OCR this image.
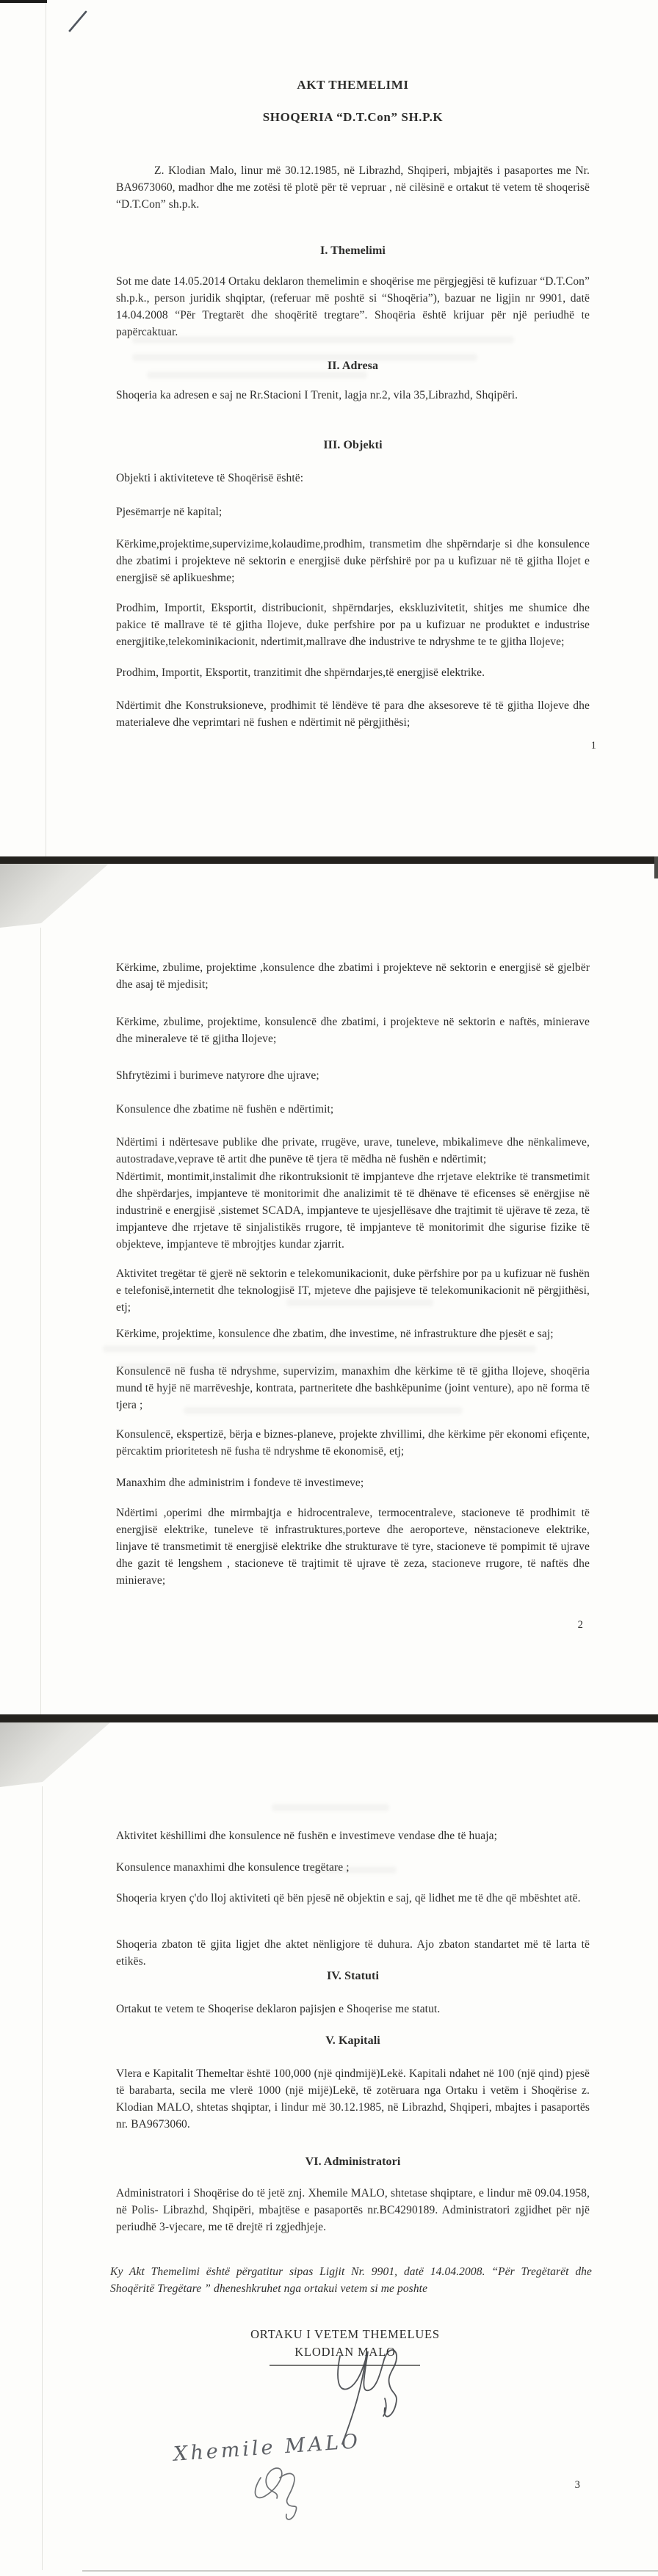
AKT THEMELIMI
SHOQERIA “D.T.Con” SH.P.K
Z. Klodian Malo, linur më 30.12.1985, në Librazhd, Shqiperi, mbjajtës i pasaportes me Nr. BA9673060, madhor dhe me zotësi të plotë për të vepruar , në cilësinë e ortakut të vetem të shoqerisë “D.T.Con” sh.p.k.
I. Themelimi
Sot me date 14.05.2014 Ortaku deklaron themelimin e shoqërise me përgjegjësi të kufizuar “D.T.Con” sh.p.k., person juridik shqiptar, (referuar më poshtë si “Shoqëria”), bazuar ne ligjin nr 9901, datë 14.04.2008 “Për Tregtarët dhe shoqëritë tregtare”. Shoqëria është krijuar për një periudhë te papërcaktuar.
II. Adresa
Shoqeria ka adresen e saj ne Rr.Stacioni I Trenit, lagja nr.2, vila 35,Librazhd, Shqipëri.
III. Objekti
Objekti i aktiviteteve të Shoqërisë është:
Pjesëmarrje në kapital;
Kërkime,projektime,supervizime,kolaudime,prodhim, transmetim dhe shpërndarje si dhe konsulence dhe zbatimi i projekteve në sektorin e energjisë duke përfshirë por pa u kufizuar në të gjitha llojet e energjisë së aplikueshme;
Prodhim, Importit, Eksportit, distribucionit, shpërndarjes, ekskluzivitetit, shitjes me shumice dhe pakice të mallrave të të gjitha llojeve, duke perfshire por pa u kufizuar ne produktet e industrise energjitike,telekominikacionit, ndertimit,mallrave dhe industrive te ndryshme te te gjitha llojeve;
Prodhim, Importit, Eksportit, tranzitimit dhe shpërndarjes,të energjisë elektrike.
Ndërtimit dhe Konstruksioneve, prodhimit të lëndëve të para dhe aksesoreve të të gjitha llojeve dhe materialeve dhe veprimtari në fushen e ndërtimit në përgjithësi;
1
Kërkime, zbulime, projektime ,konsulence dhe zbatimi i projekteve në sektorin e energjisë së gjelbër dhe asaj të mjedisit;
Kërkime, zbulime, projektime, konsulencë dhe zbatimi, i projekteve në sektorin e naftës, minierave dhe mineraleve të të gjitha llojeve;
Shfrytëzimi i burimeve natyrore dhe ujrave;
Konsulence dhe zbatime në fushën e ndërtimit;
Ndërtimi i ndërtesave publike dhe private, rrugëve, urave, tuneleve, mbikalimeve dhe nënkalimeve, autostradave,veprave të artit dhe punëve të tjera të mëdha në fushën e ndërtimit;
Ndërtimit, montimit,instalimit dhe rikontruksionit të impjanteve dhe rrjetave elektrike të transmetimit dhe shpërdarjes, impjanteve të monitorimit dhe analizimit të të dhënave të eficenses së enërgjise në industrinë e energjisë ,sistemet SCADA, impjanteve te ujesjellësave dhe trajtimit të ujërave të zeza, të impjanteve dhe rrjetave të sinjalistikës rrugore, të impjanteve të monitorimit dhe sigurise fizike të objekteve, impjanteve të mbrojtjes kundar zjarrit.
Aktivitet tregëtar të gjerë në sektorin e telekomunikacionit, duke përfshire por pa u kufizuar në fushën e telefonisë,internetit dhe teknologjisë IT, mjeteve dhe pajisjeve të telekomunikacionit në përgjithësi, etj;
Kërkime, projektime, konsulence dhe zbatim, dhe investime, në infrastrukture dhe pjesët e saj;
Konsulencë në fusha të ndryshme, supervizim, manaxhim dhe kërkime të të gjitha llojeve, shoqëria mund të hyjë në marrëveshje, kontrata, partneritete dhe bashkëpunime (joint venture), apo në forma të tjera ;
Konsulencë, ekspertizë, bërja e biznes-planeve, projekte zhvillimi, dhe kërkime për ekonomi efiçente, përcaktim prioritetesh në fusha të ndryshme të ekonomisë, etj;
Manaxhim dhe administrim i fondeve të investimeve;
Ndërtimi ,operimi dhe mirmbajtja e hidrocentraleve, termocentraleve, stacioneve të prodhimit të energjisë elektrike, tuneleve të infrastruktures,porteve dhe aeroporteve, nënstacioneve elektrike, linjave të transmetimit të energjisë elektrike dhe strukturave të tyre, stacioneve të pompimit të ujrave dhe gazit të lengshem , stacioneve të trajtimit të ujrave të zeza, stacioneve rrugore, të naftës dhe minierave;
2
Aktivitet këshillimi dhe konsulence në fushën e investimeve vendase dhe të huaja;
Konsulence manaxhimi dhe konsulence tregëtare ;
Shoqeria kryen ç'do lloj aktiviteti që bën pjesë në objektin e saj, që lidhet me të dhe që mbështet atë.
Shoqeria zbaton të gjita ligjet dhe aktet nënligjore të duhura. Ajo zbaton standartet më të larta të etikës.
IV. Statuti
Ortakut te vetem te Shoqerise deklaron pajisjen e Shoqerise me statut.
V. Kapitali
Vlera e Kapitalit Themeltar është 100,000 (një qindmijë)Lekë. Kapitali ndahet në 100 (një qind) pjesë të barabarta, secila me vlerë 1000 (një mijë)Lekë, të zotëruara nga Ortaku i vetëm i Shoqërise z. Klodian MALO, shtetas shqiptar, i lindur më 30.12.1985, në Librazhd, Shqiperi, mbajtes i pasaportës nr. BA9673060.
VI. Administratori
Administratori i Shoqërise do të jetë znj. Xhemile MALO, shtetase shqiptare, e lindur më 09.04.1958, në Polis- Librazhd, Shqipëri, mbajtëse e pasaportës nr.BC4290189. Administratori zgjidhet për një periudhë 3-vjecare, me të drejtë ri zgjedhjeje.
Ky Akt Themelimi është përgatitur sipas Ligjit Nr. 9901, datë 14.04.2008. “Për Tregëtarët dhe Shoqëritë Tregëtare ” dheneshkruhet nga ortakui vetem si me poshte
ORTAKU I VETEM THEMELUES
KLODIAN MALO
Xhemile MALO
3
